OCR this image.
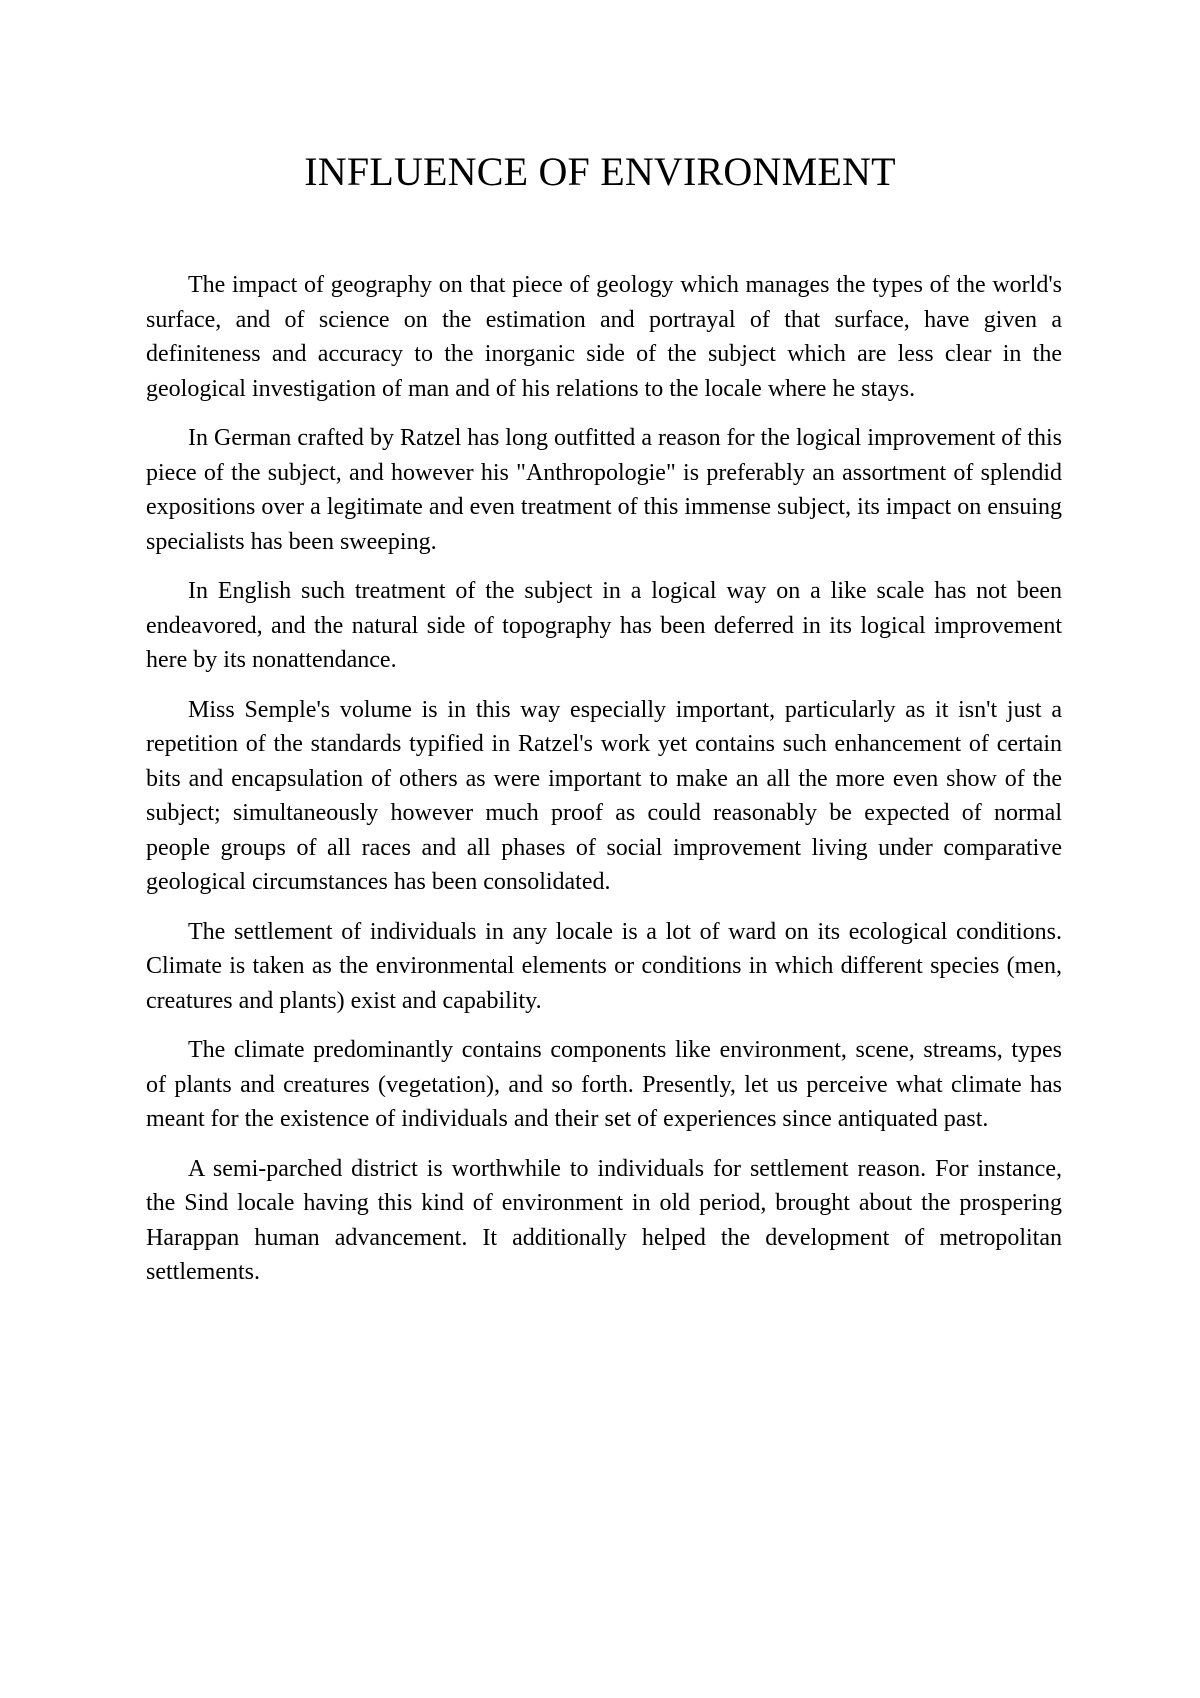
INFLUENCE OF ENVIRONMENT

The impact of geography on that piece of geology which manages the types of the world's surface, and of science on the estimation and portrayal of that surface, have given a definiteness and accuracy to the inorganic side of the subject which are less clear in the geological investigation of man and of his relations to the locale where he stays.

In German crafted by Ratzel has long outfitted a reason for the logical improvement of this piece of the subject, and however his "Anthropologie" is preferably an assortment of splendid expositions over a legitimate and even treatment of this immense subject, its impact on ensuing specialists has been sweeping.

In English such treatment of the subject in a logical way on a like scale has not been endeavored, and the natural side of topography has been deferred in its logical improvement here by its nonattendance.

Miss Semple's volume is in this way especially important, particularly as it isn't just a repetition of the standards typified in Ratzel's work yet contains such enhancement of certain bits and encapsulation of others as were important to make an all the more even show of the subject; simultaneously however much proof as could reasonably be expected of normal people groups of all races and all phases of social improvement living under comparative geological circumstances has been consolidated.

The settlement of individuals in any locale is a lot of ward on its ecological conditions. Climate is taken as the environmental elements or conditions in which different species (men, creatures and plants) exist and capability.

The climate predominantly contains components like environment, scene, streams, types of plants and creatures (vegetation), and so forth. Presently, let us perceive what climate has meant for the existence of individuals and their set of experiences since antiquated past.

A semi-parched district is worthwhile to individuals for settlement reason. For instance, the Sind locale having this kind of environment in old period, brought about the prospering Harappan human advancement. It additionally helped the development of metropolitan settlements.
